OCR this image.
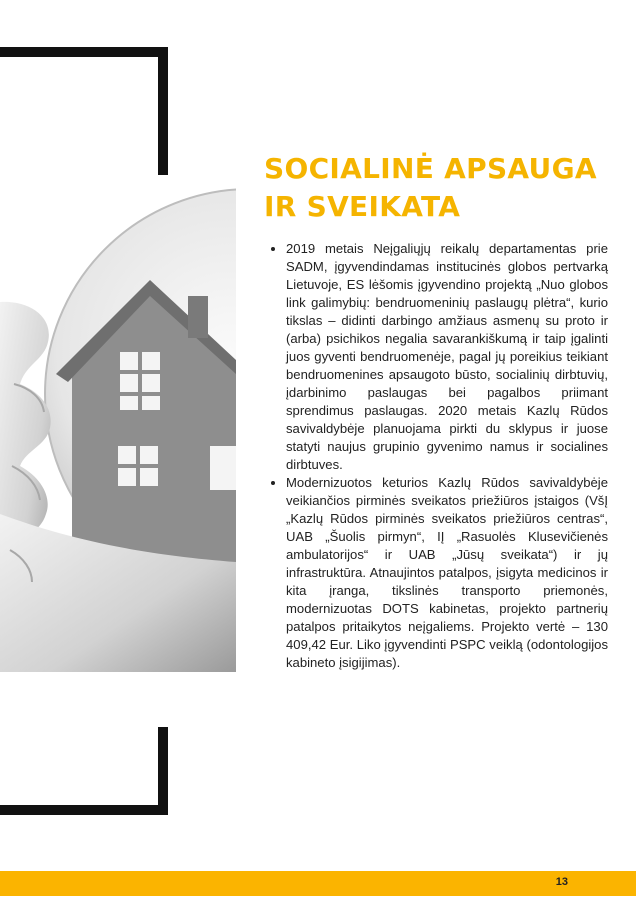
SOCIALINĖ APSAUGA IR SVEIKATA
• 2019 metais Neįgaliųjų reikalų departamentas prie SADM, įgyvendindamas institucinės globos pertvarką Lietuvoje, ES lėšomis įgyvendino projektą „Nuo globos link galimybių: bendruomeninių paslaugų plėtra“, kurio tikslas – didinti darbingo amžiaus asmenų su proto ir (arba) psichikos negalia savarankiškumą ir taip įgalinti juos gyventi bendruomenėje, pagal jų poreikius teikiant bendruomenines apsaugoto būsto, socialinių dirbtuvių, įdarbinimo paslaugas bei pagalbos priimant sprendimus paslaugas. 2020 metais Kazlų Rūdos savivaldybėje planuojama pirkti du sklypus ir juose statyti naujus grupinio gyvenimo namus ir socialines dirbtuves.
• Modernizuotos keturios Kazlų Rūdos savivaldybėje veikiančios pirminės sveikatos priežiūros įstaigos (VšĮ „Kazlų Rūdos pirminės sveikatos priežiūros centras“, UAB „Šuolis pirmyn“, IĮ „Rasuolės Klusevičienės ambulatorijos“ ir UAB „Jūsų sveikata“) ir jų infrastruktūra. Atnaujintos patalpos, įsigyta medicinos ir kita įranga, tikslinės transporto priemonės, modernizuotas DOTS kabinetas, projekto partnerių patalpos pritaikytos neįgaliems. Projekto vertė – 130 409,42 Eur. Liko įgyvendinti PSPC veiklą (odontologijos kabineto įsigijimas).
13
